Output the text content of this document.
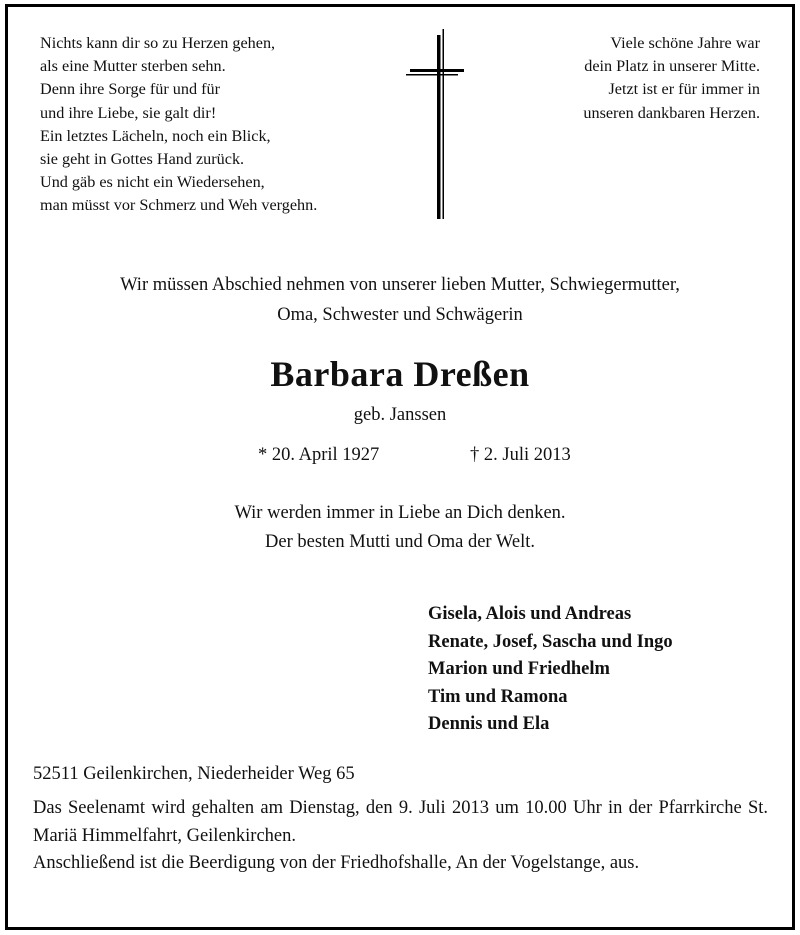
Nichts kann dir so zu Herzen gehen,
als eine Mutter sterben sehn.
Denn ihre Sorge für und für
und ihre Liebe, sie galt dir!
Ein letztes Lächeln, noch ein Blick,
sie geht in Gottes Hand zurück.
Und gäb es nicht ein Wiedersehen,
man müsst vor Schmerz und Weh vergehn.
Viele schöne Jahre war
dein Platz in unserer Mitte.
Jetzt ist er für immer in
unseren dankbaren Herzen.
Wir müssen Abschied nehmen von unserer lieben Mutter, Schwiegermutter,
Oma, Schwester und Schwägerin
Barbara Dreßen
geb. Janssen
* 20. April 1927	† 2. Juli 2013
Wir werden immer in Liebe an Dich denken.
Der besten Mutti und Oma der Welt.
Gisela, Alois und Andreas
Renate, Josef, Sascha und Ingo
Marion und Friedhelm
Tim und Ramona
Dennis und Ela
52511 Geilenkirchen, Niederheider Weg 65

Das Seelenamt wird gehalten am Dienstag, den 9. Juli 2013 um 10.00 Uhr in der Pfarrkirche St. Mariä Himmelfahrt, Geilenkirchen.

Anschließend ist die Beerdigung von der Friedhofshalle, An der Vogelstange, aus.
